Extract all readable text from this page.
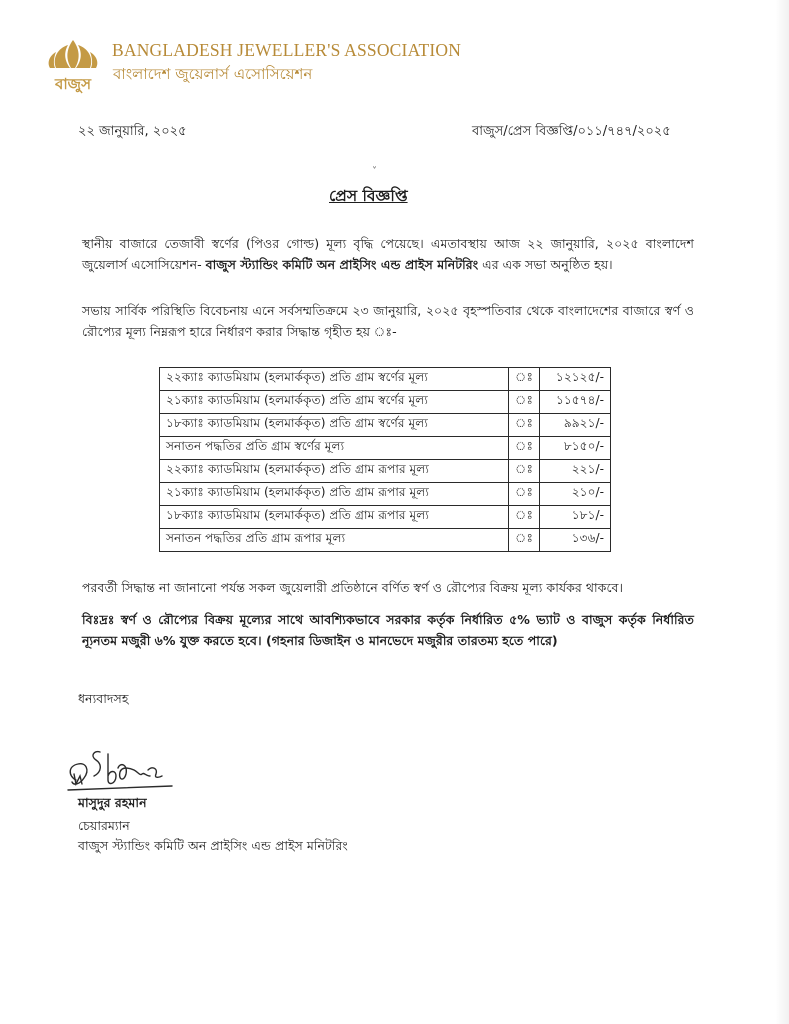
বাজুস
BANGLADESH JEWELLER'S ASSOCIATION
বাংলাদেশ জুয়েলার্স এসোসিয়েশন
২২ জানুয়ারি, ২০২৫	বাজুস/প্রেস বিজ্ঞপ্তি/০১১/৭৪৭/২০২৫
˅
প্রেস বিজ্ঞপ্তি
স্থানীয় বাজারে তেজাবী স্বর্ণের (পিওর গোল্ড) মূল্য বৃদ্ধি পেয়েছে। এমতাবস্থায় আজ ২২ জানুয়ারি, ২০২৫ বাংলাদেশ জুয়েলার্স এসোসিয়েশন- বাজুস স্ট্যান্ডিং কমিটি অন প্রাইসিং এন্ড প্রাইস মনিটরিং এর এক সভা অনুষ্ঠিত হয়।
সভায় সার্বিক পরিস্থিতি বিবেচনায় এনে সর্বসম্মতিক্রমে ২৩ জানুয়ারি, ২০২৫ বৃহস্পতিবার থেকে বাংলাদেশের বাজারে স্বর্ণ ও রৌপ্যের মূল্য নিম্নরূপ হারে নির্ধারণ করার সিদ্ধান্ত গৃহীত হয় ঃ-
২২ক্যাঃ ক্যাডমিয়াম (হলমার্ককৃত) প্রতি গ্রাম স্বর্ণের মূল্য	ঃ	১২১২৫/-
২১ক্যাঃ ক্যাডমিয়াম (হলমার্ককৃত) প্রতি গ্রাম স্বর্ণের মূল্য	ঃ	১১৫৭৪/-
১৮ক্যাঃ ক্যাডমিয়াম (হলমার্ককৃত) প্রতি গ্রাম স্বর্ণের মূল্য	ঃ	৯৯২১/-
সনাতন পদ্ধতির প্রতি গ্রাম স্বর্ণের মূল্য	ঃ	৮১৫০/-
২২ক্যাঃ ক্যাডমিয়াম (হলমার্ককৃত) প্রতি গ্রাম রূপার মূল্য	ঃ	২২১/-
২১ক্যাঃ ক্যাডমিয়াম (হলমার্ককৃত) প্রতি গ্রাম রূপার মূল্য	ঃ	২১০/-
১৮ক্যাঃ ক্যাডমিয়াম (হলমার্ককৃত) প্রতি গ্রাম রূপার মূল্য	ঃ	১৮১/-
সনাতন পদ্ধতির প্রতি গ্রাম রূপার মূল্য	ঃ	১৩৬/-
পরবর্তী সিদ্ধান্ত না জানানো পর্যন্ত সকল জুয়েলারী প্রতিষ্ঠানে বর্ণিত স্বর্ণ ও রৌপ্যের বিক্রয় মূল্য কার্যকর থাকবে।
বিঃদ্রঃ স্বর্ণ ও রৌপ্যের বিক্রয় মূল্যের সাথে আবশ্যিকভাবে সরকার কর্তৃক নির্ধারিত ৫% ভ্যাট ও বাজুস কর্তৃক নির্ধারিত ন্যূনতম মজুরী ৬% যুক্ত করতে হবে। (গহনার ডিজাইন ও মানভেদে মজুরীর তারতম্য হতে পারে)
ধন্যবাদসহ
মাসুদুর রহমান
চেয়ারম্যান
বাজুস স্ট্যান্ডিং কমিটি অন প্রাইসিং এন্ড প্রাইস মনিটরিং
